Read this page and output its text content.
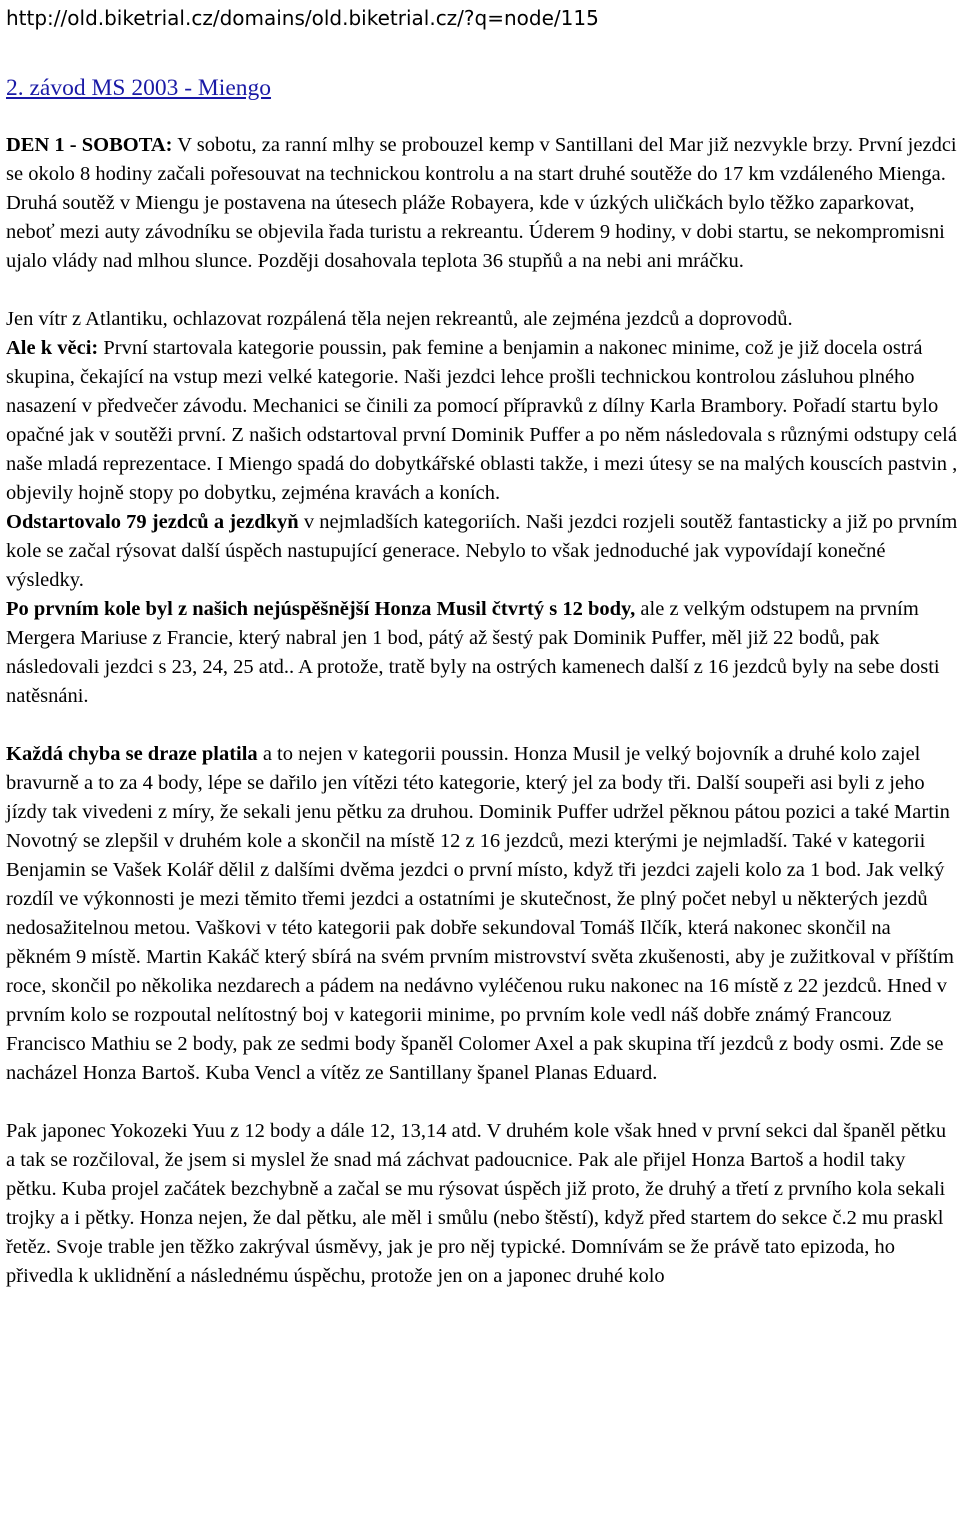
http://old.biketrial.cz/domains/old.biketrial.cz/?q=node/115
2. závod MS 2003 - Miengo

DEN 1 - SOBOTA: V sobotu, za ranní mlhy se probouzel kemp v Santillani del Mar již nezvykle brzy. První jezdci se okolo 8 hodiny začali pořesouvat na technickou kontrolu a na start druhé soutěže do 17 km vzdáleného Mienga. Druhá soutěž v Miengu je postavena na útesech pláže Robayera, kde v úzkých uličkách bylo těžko zaparkovat, neboť mezi auty závodníku se objevila řada turistu a rekreantu. Úderem 9 hodiny, v dobi startu, se nekompromisni ujalo vlády nad mlhou slunce. Později dosahovala teplota 36 stupňů a na nebi ani mráčku.

Jen vítr z Atlantiku, ochlazovat rozpálená těla nejen rekreantů, ale zejména jezdců a doprovodů.

Ale k věci: První startovala kategorie poussin, pak femine a benjamin a nakonec minime, což je již docela ostrá skupina, čekající na vstup mezi velké kategorie. Naši jezdci lehce prošli technickou kontrolou zásluhou plného nasazení v předvečer závodu. Mechanici se činili za pomocí přípravků z dílny Karla Brambory. Pořadí startu bylo opačné jak v soutěži první. Z našich odstartoval první Dominik Puffer a po něm následovala s různými odstupy celá naše mladá reprezentace. I Miengo spadá do dobytkářské oblasti takže, i mezi útesy se na malých kouscích pastvin , objevily hojně stopy po dobytku, zejména kravách a koních.

Odstartovalo 79 jezdců a jezdkyň v nejmladších kategoriích. Naši jezdci rozjeli soutěž fantasticky a již po prvním kole se začal rýsovat další úspěch nastupující generace. Nebylo to však jednoduché jak vypovídají konečné výsledky.

Po prvním kole byl z našich nejúspěšnější Honza Musil čtvrtý s 12 body, ale z velkým odstupem na prvním Mergera Mariuse z Francie, který nabral jen 1 bod, pátý až šestý pak Dominik Puffer, měl již 22 bodů, pak následovali jezdci s 23, 24, 25 atd.. A protože, tratě byly na ostrých kamenech další z 16 jezdců byly na sebe dosti natěsnáni.

Každá chyba se draze platila a to nejen v kategorii poussin. Honza Musil je velký bojovník a druhé kolo zajel bravurně a to za 4 body, lépe se dařilo jen vítězi této kategorie, který jel za body tři. Další soupeři asi byli z jeho jízdy tak vivedeni z míry, že sekali jenu pětku za druhou. Dominik Puffer udržel pěknou pátou pozici a také Martin Novotný se zlepšil v druhém kole a skončil na místě 12 z 16 jezdců, mezi kterými je nejmladší. Také v kategorii Benjamin se Vašek Kolář dělil z dalšími dvěma jezdci o první místo, když tři jezdci zajeli kolo za 1 bod. Jak velký rozdíl ve výkonnosti je mezi těmito třemi jezdci a ostatními je skutečnost, že plný počet nebyl u některých jezdů nedosažitelnou metou. Vaškovi v této kategorii pak dobře sekundoval Tomáš Ilčík, která nakonec skončil na pěkném 9 místě. Martin Kakáč který sbírá na svém prvním mistrovství světa zkušenosti, aby je zužitkoval v příštím roce, skončil po několika nezdarech a pádem na nedávno vyléčenou ruku nakonec na 16 místě z 22 jezdců. Hned v prvním kolo se rozpoutal nelítostný boj v kategorii minime, po prvním kole vedl náš dobře známý Francouz Francisco Mathiu se 2 body, pak ze sedmi body španěl Colomer Axel a pak skupina tří jezdců z body osmi. Zde se nacházel Honza Bartoš. Kuba Vencl a vítěz ze Santillany španel Planas Eduard.

Pak japonec Yokozeki Yuu z 12 body a dále 12, 13,14 atd. V druhém kole však hned v první sekci dal španěl pětku a tak se rozčiloval, že jsem si myslel že snad má záchvat padoucnice. Pak ale přijel Honza Bartoš a hodil taky pětku. Kuba projel začátek bezchybně a začal se mu rýsovat úspěch již proto, že druhý a třetí z prvního kola sekali trojky a i pětky. Honza nejen, že dal pětku, ale měl i smůlu (nebo štěstí), když před startem do sekce č.2 mu praskl řetěz. Svoje trable jen těžko zakrýval úsměvy, jak je pro něj typické. Domnívám se že právě tato epizoda, ho přivedla k uklidnění a následnému úspěchu, protože jen on a japonec druhé kolo
